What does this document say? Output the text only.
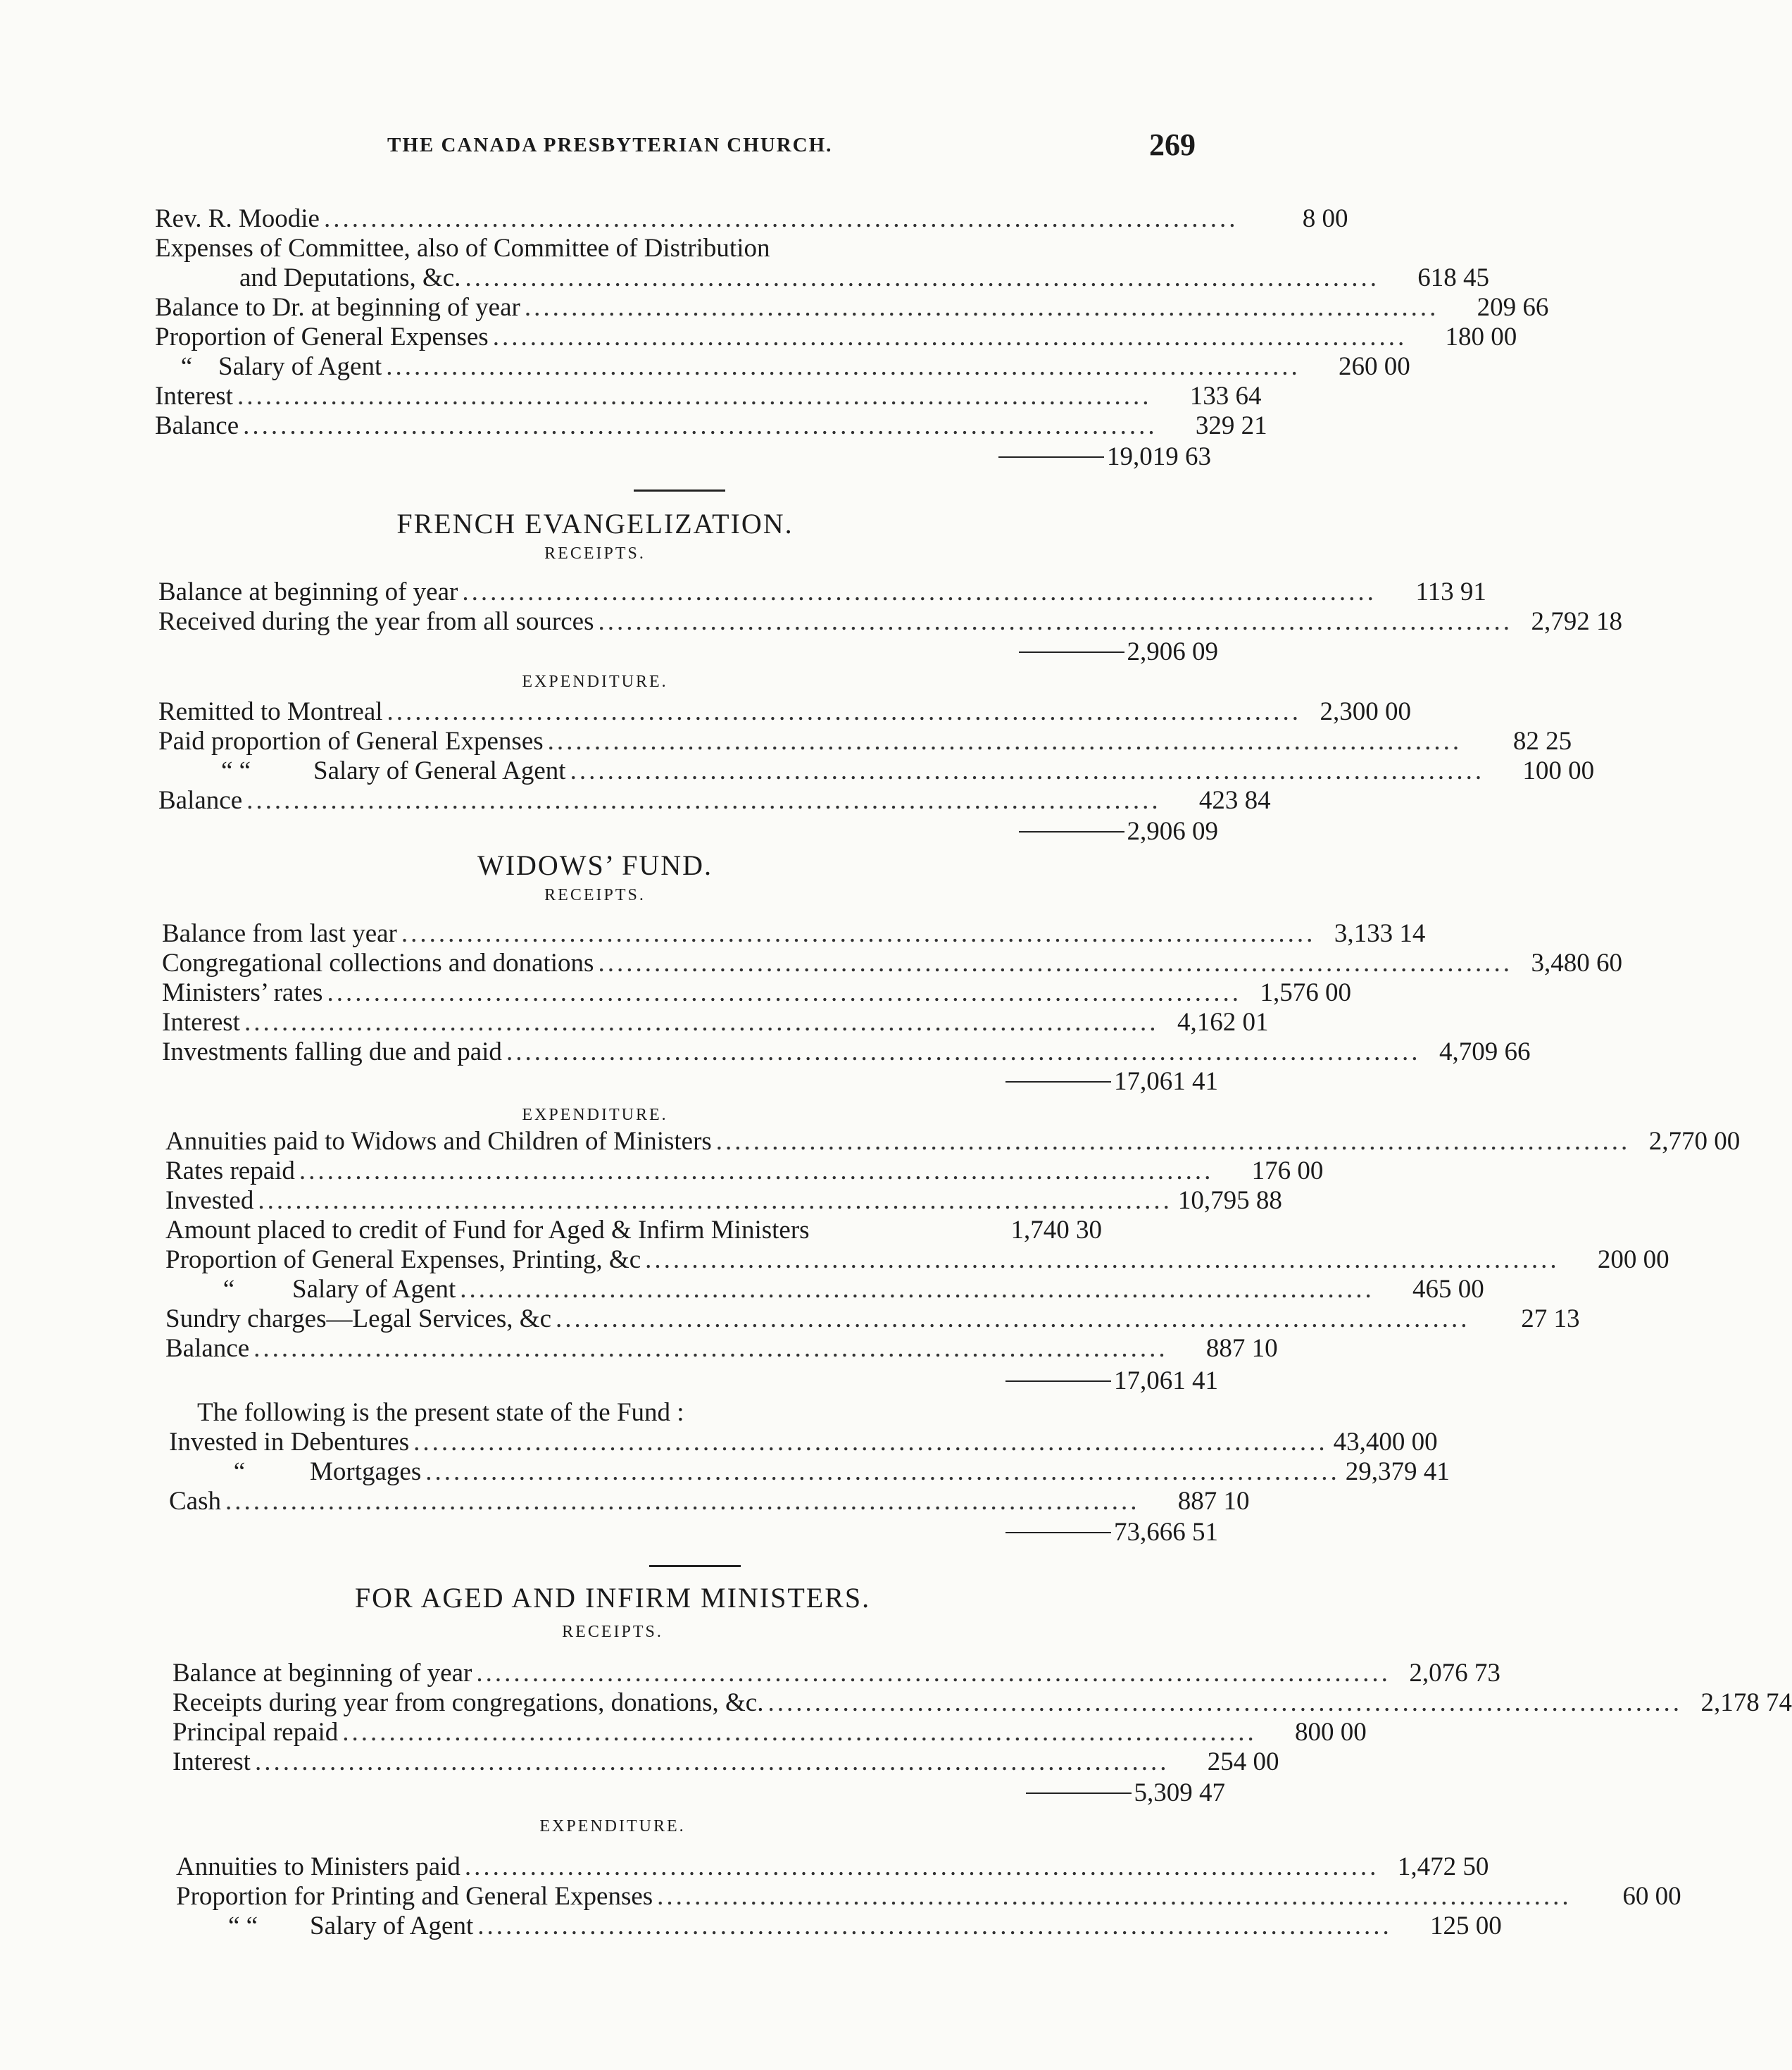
THE CANADA PRESBYTERIAN CHURCH.	269
Rev. R. Moodie ..................................................................................................	8 00
Expenses of Committee, also of Committee of Distribution
and Deputations, &c. ..................................................................................................	618 45
Balance to Dr. at beginning of year ..................................................................................................	209 66
Proportion of General Expenses ..................................................................................................	180 00
“ Salary of Agent ..................................................................................................	260 00
Interest ..................................................................................................	133 64
Balance ..................................................................................................	329 21
19,019 63
FRENCH EVANGELIZATION.
RECEIPTS.
Balance at beginning of year ..................................................................................................	113 91
Received during the year from all sources .................................................................................................. 2,792 18
2,906 09
EXPENDITURE.
Remitted to Montreal .................................................................................................. 2,300 00
Paid proportion of General Expenses ..................................................................................................	82 25
“ “ Salary of General Agent ..................................................................................................	100 00
Balance ..................................................................................................	423 84
2,906 09
WIDOWS’ FUND.
RECEIPTS.
Balance from last year .................................................................................................. 3,133 14
Congregational collections and donations .................................................................................................. 3,480 60
Ministers’ rates .................................................................................................. 1,576 00
Interest .................................................................................................. 4,162 01
Investments falling due and paid .................................................................................................. 4,709 66
17,061 41
EXPENDITURE.
Annuities paid to Widows and Children of Ministers .................................................................................................. 2,770 00
Rates repaid ..................................................................................................	176 00
Invested .................................................................................................. 10,795 88
Amount placed to credit of Fund for Aged & Infirm Ministers	1,740 30
Proportion of General Expenses, Printing, &c ..................................................................................................	200 00
“ Salary of Agent ..................................................................................................	465 00
Sundry charges—Legal Services, &c ..................................................................................................	27 13
Balance ..................................................................................................	887 10
17,061 41
The following is the present state of the Fund :
Invested in Debentures .................................................................................................. 43,400 00
“ Mortgages .................................................................................................. 29,379 41
Cash ..................................................................................................	887 10
73,666 51
FOR AGED AND INFIRM MINISTERS.
RECEIPTS.
Balance at beginning of year .................................................................................................. 2,076 73
Receipts during year from congregations, donations, &c. .................................................................................................. 2,178 74
Principal repaid ..................................................................................................	800 00
Interest ..................................................................................................	254 00
5,309 47
EXPENDITURE.
Annuities to Ministers paid .................................................................................................. 1,472 50
Proportion for Printing and General Expenses ..................................................................................................	60 00
“ “ Salary of Agent ..................................................................................................	125 00
